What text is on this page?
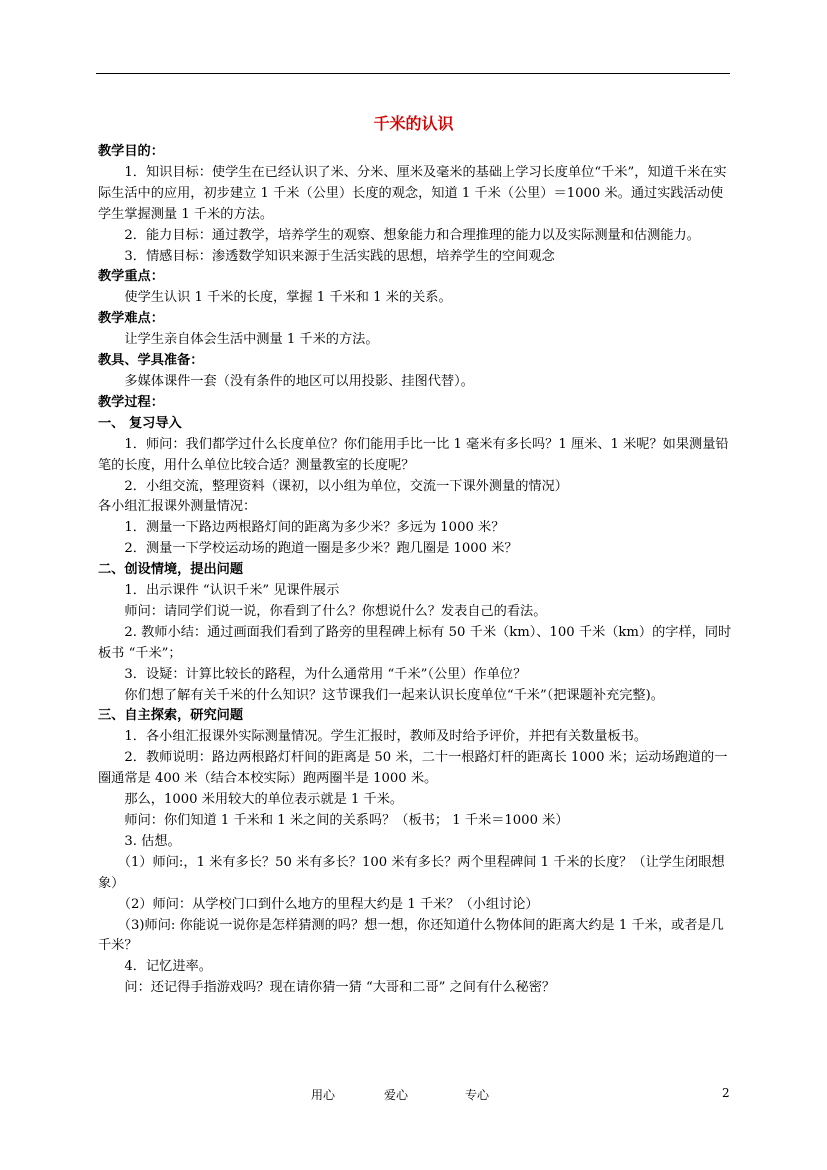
千米的认识

教学目的：

1．知识目标：使学生在已经认识了米、分米、厘米及毫米的基础上学习长度单位“千米”，知道千米在实际生活中的应用，初步建立 1 千米（公里）长度的观念，知道 1 千米（公里）＝1000 米。通过实践活动使学生掌握测量 1 千米的方法。

2．能力目标：通过教学，培养学生的观察、想象能力和合理推理的能力以及实际测量和估测能力。

3．情感目标：渗透数学知识来源于生活实践的思想，培养学生的空间观念

教学重点：

使学生认识 1 千米的长度，掌握 1 千米和 1 米的关系。

教学难点：

让学生亲自体会生活中测量 1 千米的方法。

教具、学具准备：

多媒体课件一套（没有条件的地区可以用投影、挂图代替）。

教学过程：

一、 复习导入

1．师问：我们都学过什么长度单位？你们能用手比一比 1 毫米有多长吗？1 厘米、1 米呢？如果测量铅笔的长度，用什么单位比较合适？测量教室的长度呢？

2．小组交流，整理资料（课初，以小组为单位，交流一下课外测量的情况）

各小组汇报课外测量情况：

1．测量一下路边两根路灯间的距离为多少米？多远为 1000 米？

2．测量一下学校运动场的跑道一圈是多少米？跑几圈是 1000 米？

二、创设情境，提出问题

1．出示课件 “认识千米” 见课件展示

师问：请同学们说一说，你看到了什么？你想说什么？发表自己的看法。

2. 教师小结：通过画面我们看到了路旁的里程碑上标有 50 千米（km）、100 千米（km）的字样，同时板书 “千米”；

3．设疑：计算比较长的路程，为什么通常用 “千米”（公里）作单位？

你们想了解有关千米的什么知识？这节课我们一起来认识长度单位“千米”（把课题补充完整)。

三、自主探索，研究问题

1．各小组汇报课外实际测量情况。学生汇报时，教师及时给予评价，并把有关数量板书。

2．教师说明：路边两根路灯杆间的距离是 50 米，二十一根路灯杆的距离长 1000 米；运动场跑道的一圈通常是 400 米（结合本校实际）跑两圈半是 1000 米。

那么，1000 米用较大的单位表示就是 1 千米。

师问：你们知道 1 千米和 1 米之间的关系吗？（板书； 1 千米＝1000 米）

3. 估想。

（1）师问:，1 米有多长？50 米有多长？100 米有多长？两个里程碑间 1 千米的长度？（让学生闭眼想象）

（2）师问：从学校门口到什么地方的里程大约是 1 千米？（小组讨论）

（3)师问: 你能说一说你是怎样猜测的吗？想一想，你还知道什么物体间的距离大约是 1 千米，或者是几千米？

4．记忆进率。

问：还记得手指游戏吗？现在请你猜一猜 “大哥和二哥” 之间有什么秘密？

用心	爱心	专心	2
